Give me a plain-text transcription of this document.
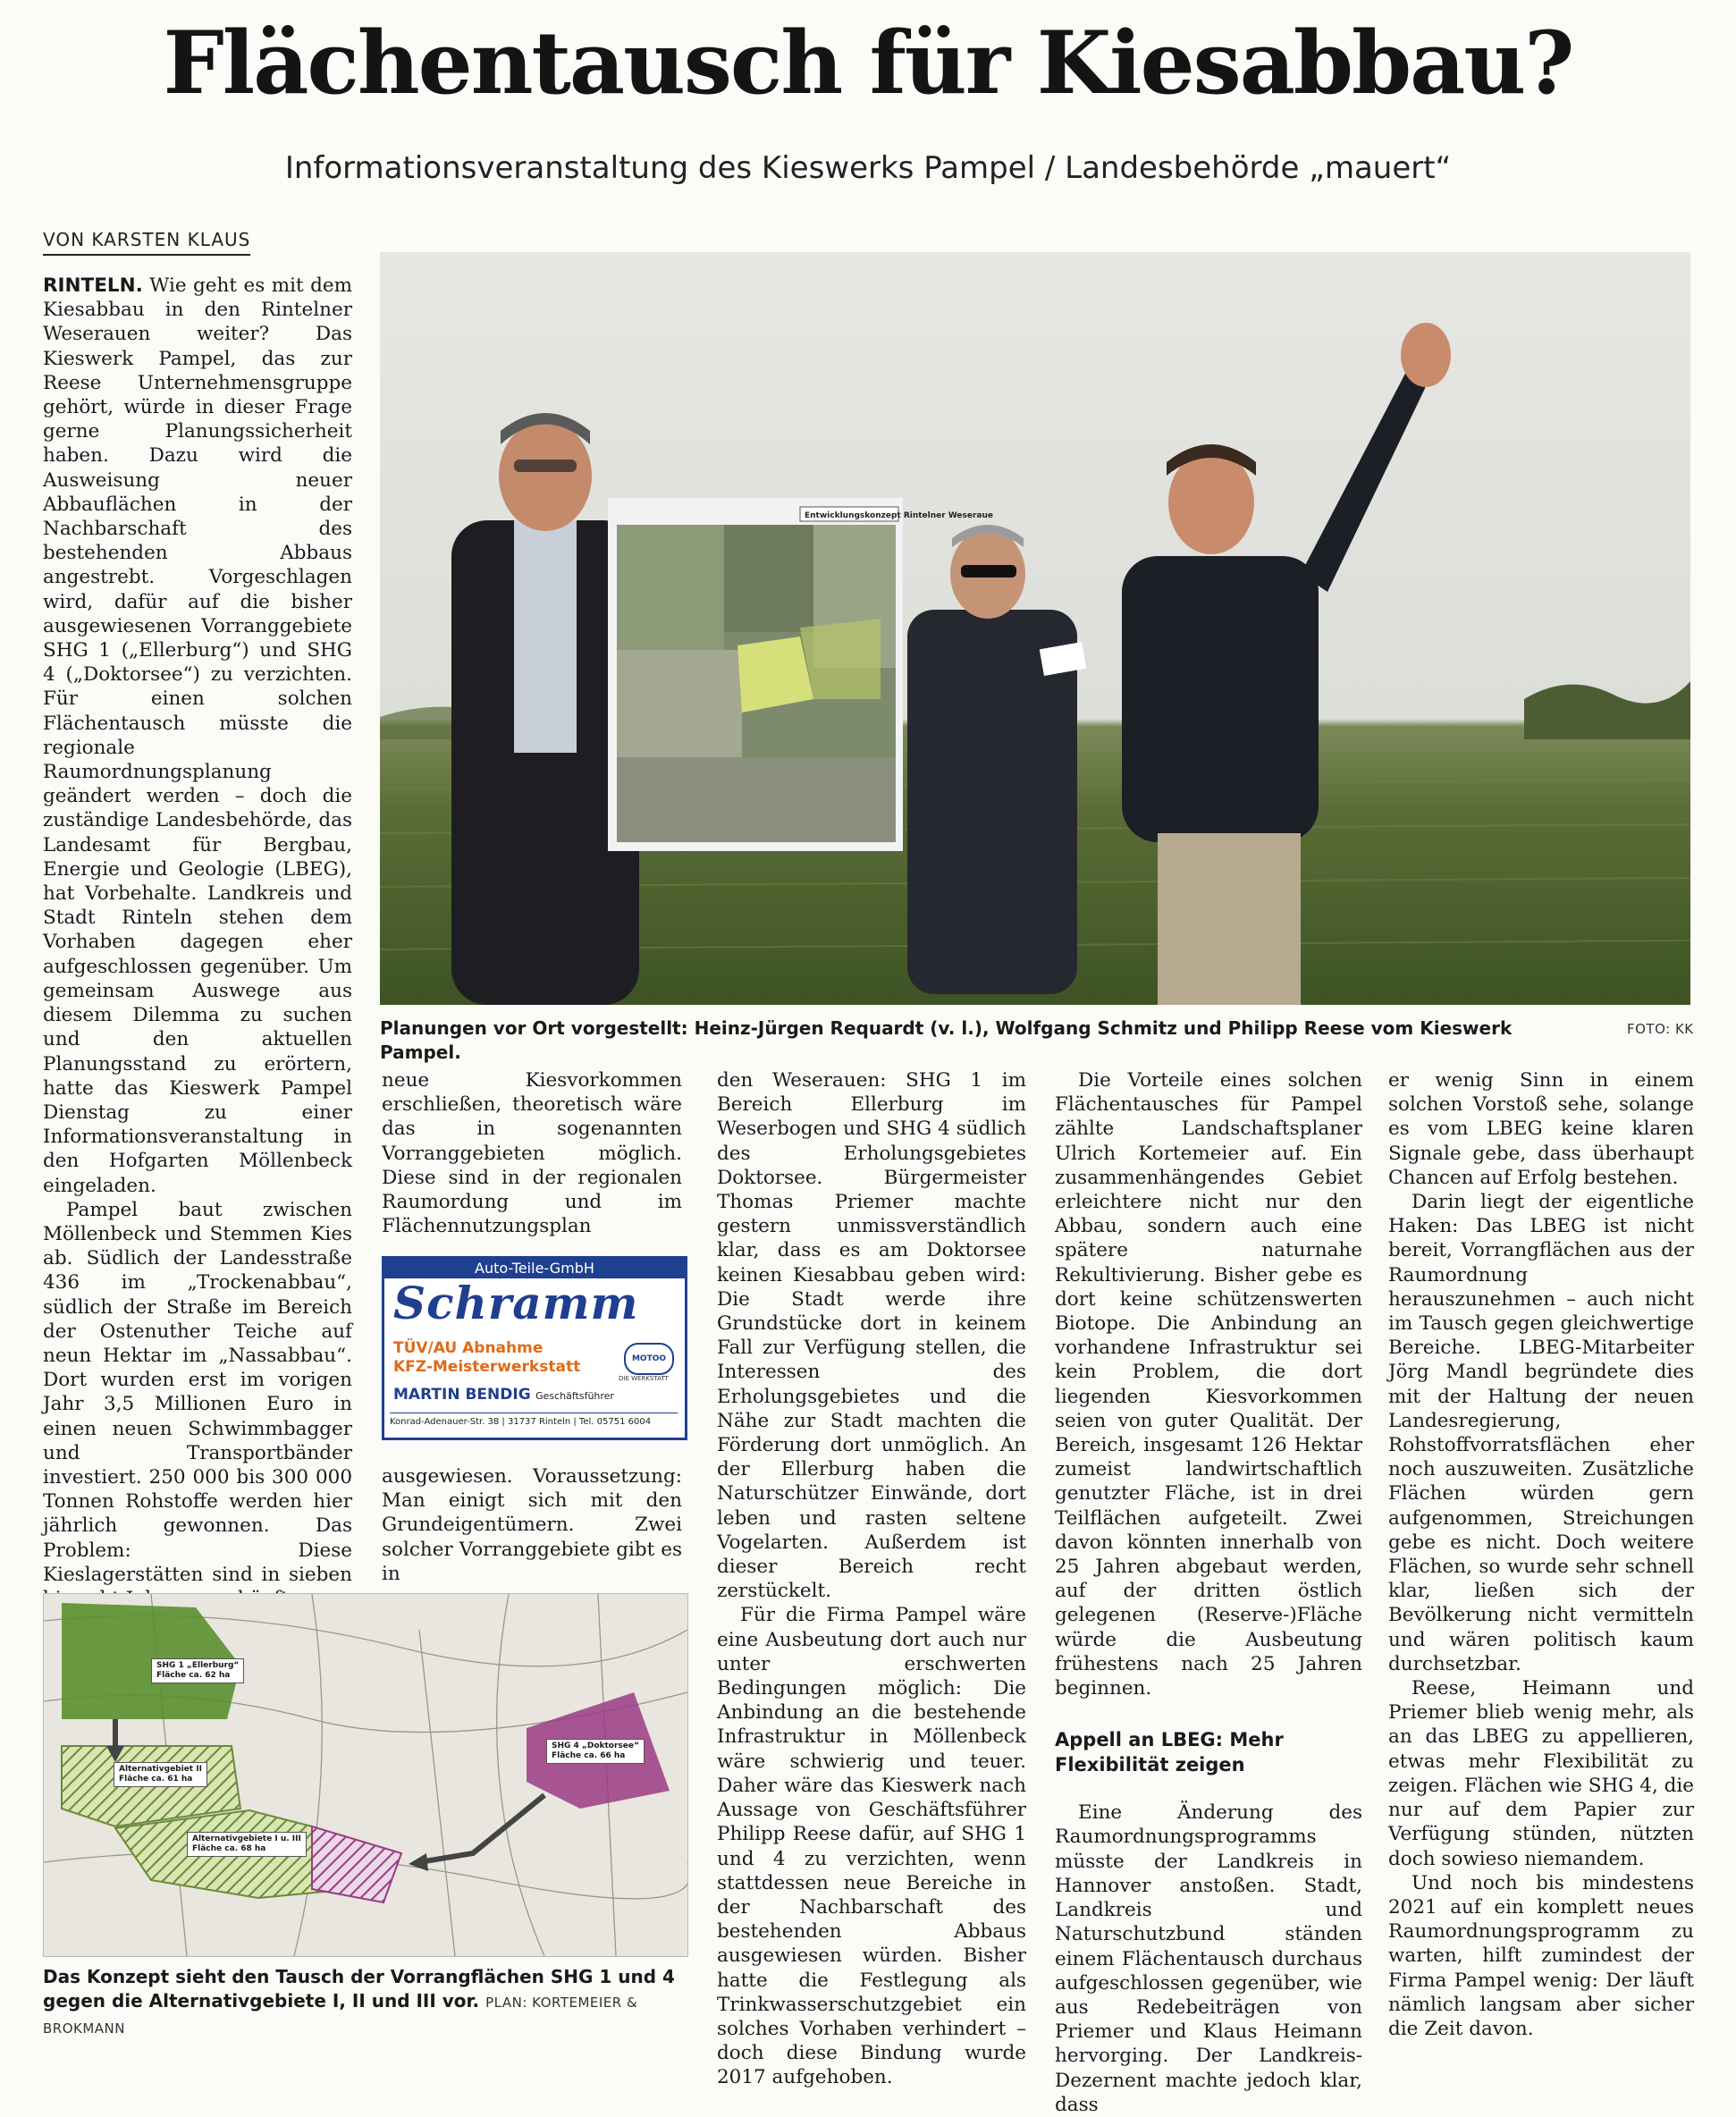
Flächentausch für Kiesabbau?
Informationsveranstaltung des Kieswerks Pampel / Landesbehörde „mauert“
VON KARSTEN KLAUS

RINTELN. Wie geht es mit dem Kiesabbau in den Rintelner Weserauen weiter? Das Kieswerk Pampel, das zur Reese Unternehmensgruppe gehört, würde in dieser Frage gerne Planungssicherheit haben. Dazu wird die Ausweisung neuer Abbauflächen in der Nachbarschaft des bestehenden Abbaus angestrebt. Vorgeschlagen wird, dafür auf die bisher ausgewiesenen Vorranggebiete SHG 1 („Ellerburg“) und SHG 4 („Doktorsee“) zu verzichten. Für einen solchen Flächentausch müsste die regionale Raumordnungsplanung geändert werden – doch die zuständige Landesbehörde, das Landesamt für Bergbau, Energie und Geologie (LBEG), hat Vorbehalte. Landkreis und Stadt Rinteln stehen dem Vorhaben dagegen eher aufgeschlossen gegenüber. Um gemeinsam Auswege aus diesem Dilemma zu suchen und den aktuellen Planungsstand zu erörtern, hatte das Kieswerk Pampel Dienstag zu einer Informationsveranstaltung in den Hofgarten Möllenbeck eingeladen.

Pampel baut zwischen Möllenbeck und Stemmen Kies ab. Südlich der Landesstraße 436 im „Trockenabbau“, südlich der Straße im Bereich der Ostenuther Teiche auf neun Hektar im „Nassabbau“. Dort wurden erst im vorigen Jahr 3,5 Millionen Euro in einen neuen Schwimmbagger und Transportbänder investiert. 250 000 bis 300 000 Tonnen Rohstoffe werden hier jährlich gewonnen. Das Problem: Diese Kieslagerstätten sind in sieben

Entwicklungskonzept Rintelner Weseraue
Planungen vor Ort vorgestellt: Heinz-Jürgen Requardt (v. l.), Wolfgang Schmitz und Philipp Reese vom Kieswerk Pampel.
FOTO: KK

neue Kiesvorkommen erschließen, theoretisch wäre das in sogenannten Vorranggebieten möglich. Diese sind in der regionalen Raumordung und im Flächennutzungsplan

Auto-Teile-GmbH
Schramm
TÜV/AU Abnahme
KFZ-Meisterwerkstatt	MOTOO
DIE WERKSTATT
MARTIN BENDIG Geschäftsführer
Konrad-Adenauer-Str. 38 | 31737 Rinteln | Tel. 05751 6004

ausgewiesen. Voraussetzung: Man einigt sich mit den Grundeigentümern. Zwei solcher Vorranggebiete gibt es in

SHG 1 „Ellerburg“
Fläche ca. 62 ha
Alternativgebiet II
Fläche ca. 61 ha
Alternativgebiete I u. III
Fläche ca. 68 ha
SHG 4 „Doktorsee“
Fläche ca. 66 ha
Das Konzept sieht den Tausch der Vorrangflächen SHG 1 und 4 gegen die Alternativgebiete I, II und III vor. PLAN: KORTEMEIER & BROKMANN

den Weserauen: SHG 1 im Bereich Ellerburg im Weserbogen und SHG 4 südlich des Erholungsgebietes Doktorsee. Bürgermeister Thomas Priemer machte gestern unmissverständlich klar, dass es am Doktorsee keinen Kiesabbau geben wird: Die Stadt werde ihre Grundstücke dort in keinem Fall zur Verfügung stellen, die Interessen des Erholungsgebietes und die Nähe zur Stadt machten die Förderung dort unmöglich. An der Ellerburg haben die Naturschützer Einwände, dort leben und rasten seltene Vogelarten. Außerdem ist dieser Bereich recht zerstückelt.

Für die Firma Pampel wäre eine Ausbeutung dort auch nur unter erschwerten Bedingungen möglich: Die Anbindung an die bestehende Infrastruktur in Möllenbeck wäre schwierig und teuer. Daher wäre das Kieswerk nach Aussage von Geschäftsführer Philipp Reese dafür, auf SHG 1 und 4 zu verzichten, wenn stattdessen neue Bereiche in der Nachbarschaft des bestehenden Abbaus ausgewiesen würden. Bisher hatte die Festlegung als Trinkwasserschutzgebiet ein solches Vorhaben verhindert – doch diese Bindung wurde 2017 aufgehoben.

Die Vorteile eines solchen Flächentausches für Pampel zählte Landschaftsplaner Ulrich Kortemeier auf. Ein zusammenhängendes Gebiet erleichtere nicht nur den Abbau, sondern auch eine spätere naturnahe Rekultivierung. Bisher gebe es dort keine schützenswerten Biotope. Die Anbindung an vorhandene Infrastruktur sei kein Problem, die dort liegenden Kiesvorkommen seien von guter Qualität. Der Bereich, insgesamt 126 Hektar zumeist landwirtschaftlich genutzter Fläche, ist in drei Teilflächen aufgeteilt. Zwei davon könnten innerhalb von 25 Jahren abgebaut werden, auf der dritten östlich gelegenen (Reserve-)Fläche würde die Ausbeutung frühestens nach 25 Jahren beginnen.

Appell an LBEG: Mehr Flexibilität zeigen

Eine Änderung des Raumordnungsprogramms müsste der Landkreis in Hannover anstoßen. Stadt, Landkreis und Naturschutzbund ständen einem Flächentausch durchaus aufgeschlossen gegenüber, wie aus Redebeiträgen von Priemer und Klaus Heimann hervorging. Der Landkreis-Dezernent machte jedoch klar, dass

er wenig Sinn in einem solchen Vorstoß sehe, solange es vom LBEG keine klaren Signale gebe, dass überhaupt Chancen auf Erfolg bestehen.

Darin liegt der eigentliche Haken: Das LBEG ist nicht bereit, Vorrangflächen aus der Raumordnung herauszunehmen – auch nicht im Tausch gegen gleichwertige Bereiche. LBEG-Mitarbeiter Jörg Mandl begründete dies mit der Haltung der neuen Landesregierung, Rohstoffvorratsflächen eher noch auszuweiten. Zusätzliche Flächen würden gern aufgenommen, Streichungen gebe es nicht. Doch weitere Flächen, so wurde sehr schnell klar, ließen sich der Bevölkerung nicht vermitteln und wären politisch kaum durchsetzbar.

Reese, Heimann und Priemer blieb wenig mehr, als an das LBEG zu appellieren, etwas mehr Flexibilität zu zeigen. Flächen wie SHG 4, die nur auf dem Papier zur Verfügung stünden, nützten doch sowieso niemandem.

Und noch bis mindestens 2021 auf ein komplett neues Raumordnungsprogramm zu warten, hilft zumindest der Firma Pampel wenig: Der läuft nämlich langsam aber sicher die Zeit davon.
